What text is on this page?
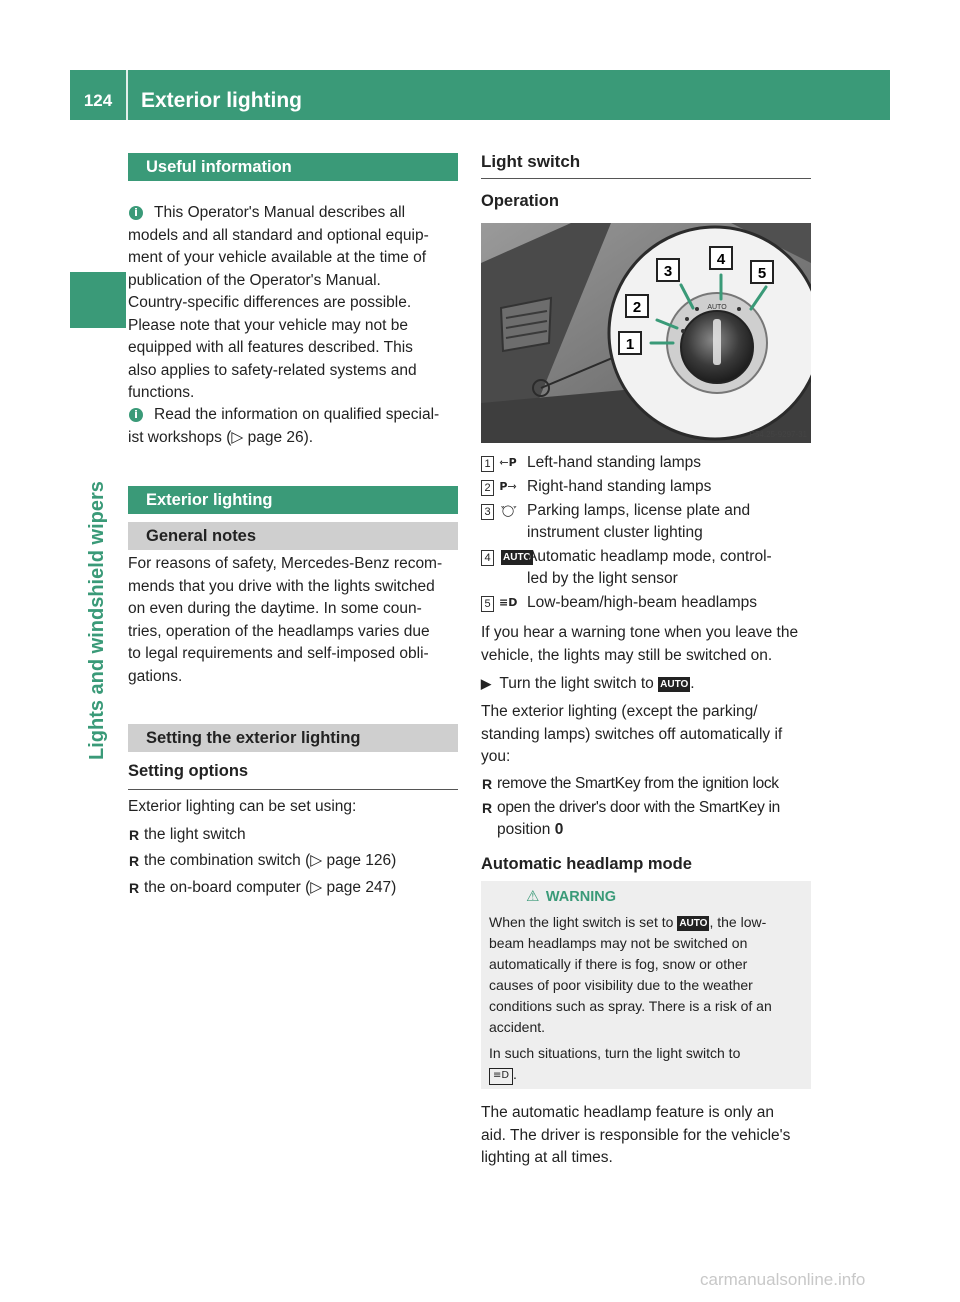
124	Exterior lighting
Lights and windshield wipers
Useful information
i	This Operator's Manual describes all
models and all standard and optional equip-
ment of your vehicle available at the time of
publication of the Operator's Manual.
Country-specific differences are possible.
Please note that your vehicle may not be
equipped with all features described. This
also applies to safety-related systems and
functions.
i	Read the information on qualified special-
ist workshops (▷ page 26).
Exterior lighting
General notes
For reasons of safety, Mercedes-Benz recom-
mends that you drive with the lights switched
on even during the daytime. In some coun-
tries, operation of the headlamps varies due
to legal requirements and self-imposed obli-
gations.
Setting the exterior lighting
Setting options
Exterior lighting can be set using:
R the light switch
R the combination switch (▷ page 126)
R the on-board computer (▷ page 247)
Light switch
Operation
AUTO
1
2
3
4
5
P54.25-9297-31
1 ⇽P Left-hand standing lamps
2 P⇾ Right-hand standing lamps
3	ꜘ◯ꜘ Parking lamps, license plate and
instrument cluster lighting
4	AUTO
Automatic headlamp mode, control-
led by the light sensor
5 ≡D Low-beam/high-beam headlamps
If you hear a warning tone when you leave the
vehicle, the lights may still be switched on.
▶ Turn the light switch to AUTO .
The exterior lighting (except the parking/
standing lamps) switches off automatically if
you:
R remove the SmartKey from the ignition lock
R open the driver's door with the SmartKey in
position 0
Automatic headlamp mode
⚠ WARNING
When the light switch is set to AUTO , the low-
beam headlamps may not be switched on
automatically if there is fog, snow or other
causes of poor visibility due to the weather
conditions such as spray. There is a risk of an
accident.
In such situations, turn the light switch to
≡D .
The automatic headlamp feature is only an
aid. The driver is responsible for the vehicle's
lighting at all times.
carmanualsonline.info
